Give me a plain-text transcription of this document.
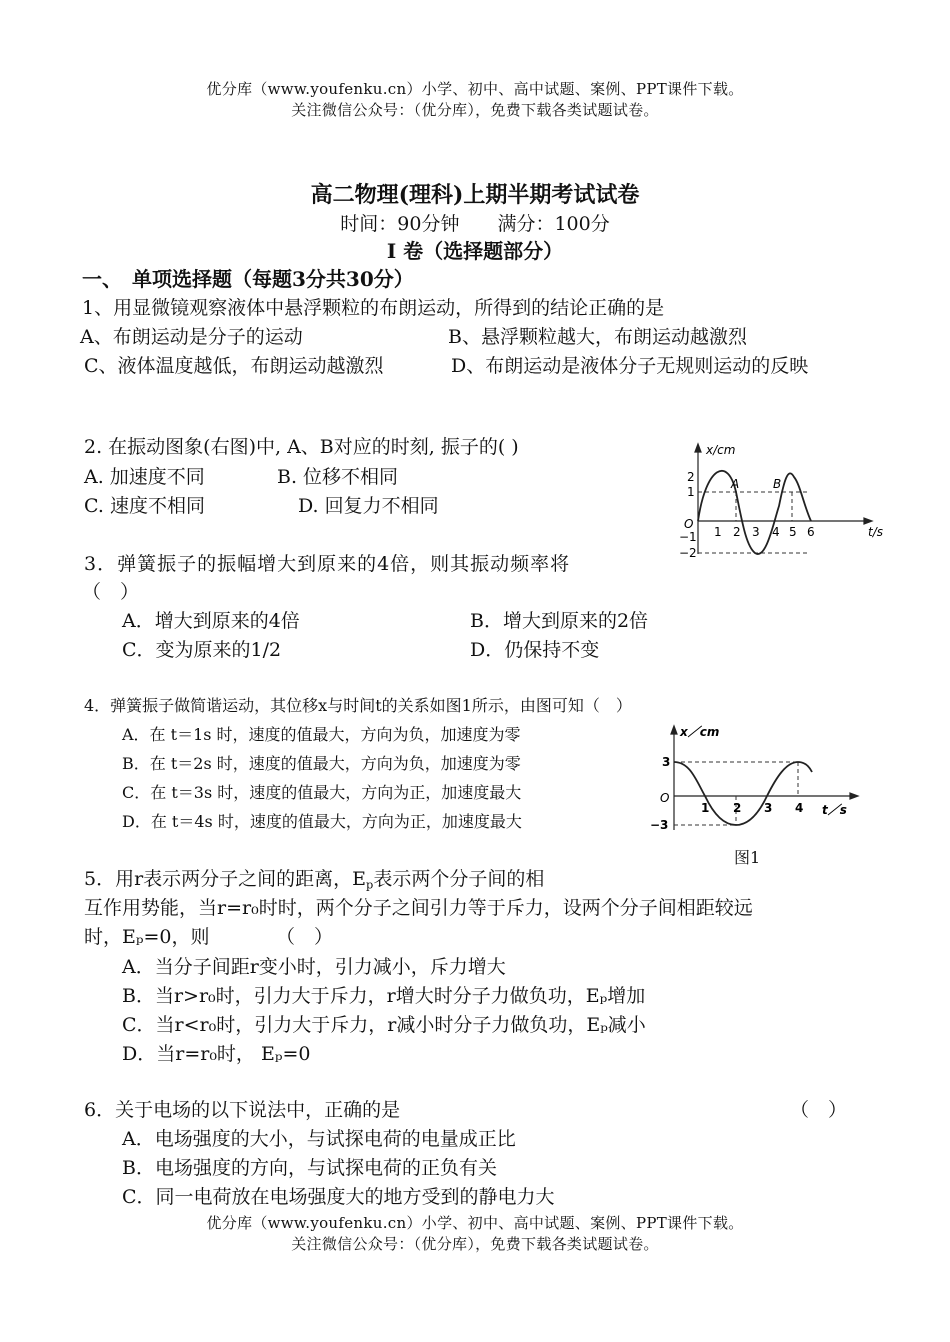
优分库（www.youfenku.cn）小学、初中、高中试题、案例、PPT课件下载。
关注微信公众号：（优分库），免费下载各类试题试卷。
高二物理(理科)上期半期考试试卷
时间：90分钟　　满分：100分
Ⅰ 卷（选择题部分）
一、　单项选择题（每题3分共30分）
1、用显微镜观察液体中悬浮颗粒的布朗运动，所得到的结论正确的是
A、布朗运动是分子的运动	B、悬浮颗粒越大，布朗运动越激烈
C、液体温度越低，布朗运动越激烈	D、布朗运动是液体分子无规则运动的反映
2. 在振动图象(右图)中, A、B对应的时刻, 振子的( )
A. 加速度不同	B. 位移不相同
C. 速度不相同	D. 回复力不相同
x/cm
t/s
O
2
1
−1
−2
1 2 3 4 5 6
A	B
3．弹簧振子的振幅增大到原来的4倍，则其振动频率将
（　）
A．增大到原来的4倍	B．增大到原来的2倍
C．变为原来的1/2	D．仍保持不变
4．弹簧振子做简谐运动，其位移x与时间t的关系如图1所示，由图可知（　）
A．在 t＝1s 时，速度的值最大，方向为负，加速度为零
B．在 t＝2s 时，速度的值最大，方向为负，加速度为零
C．在 t＝3s 时，速度的值最大，方向为正，加速度最大
D．在 t＝4s 时，速度的值最大，方向为正，加速度最大
x／cm
t／s
O
3
−3
1 2 3 4
图1
5．用r表示两分子之间的距离，$E_p$表示两个分子间的相
互作用势能，当r=r₀时时，两个分子之间引力等于斥力，设两个分子间相距较远
时，Eₚ=0，则　　　　（　）
A．当分子间距r变小时，引力减小，斥力增大
B．当r>r₀时，引力大于斥力，r增大时分子力做负功，Eₚ增加
C．当r<r₀时，引力大于斥力，r减小时分子力做负功，Eₚ减小
D．当r=r₀时， Eₚ=0
6．关于电场的以下说法中，正确的是	（　）
A．电场强度的大小，与试探电荷的电量成正比
B．电场强度的方向，与试探电荷的正负有关
C．同一电荷放在电场强度大的地方受到的静电力大
优分库（www.youfenku.cn）小学、初中、高中试题、案例、PPT课件下载。
关注微信公众号：（优分库），免费下载各类试题试卷。
